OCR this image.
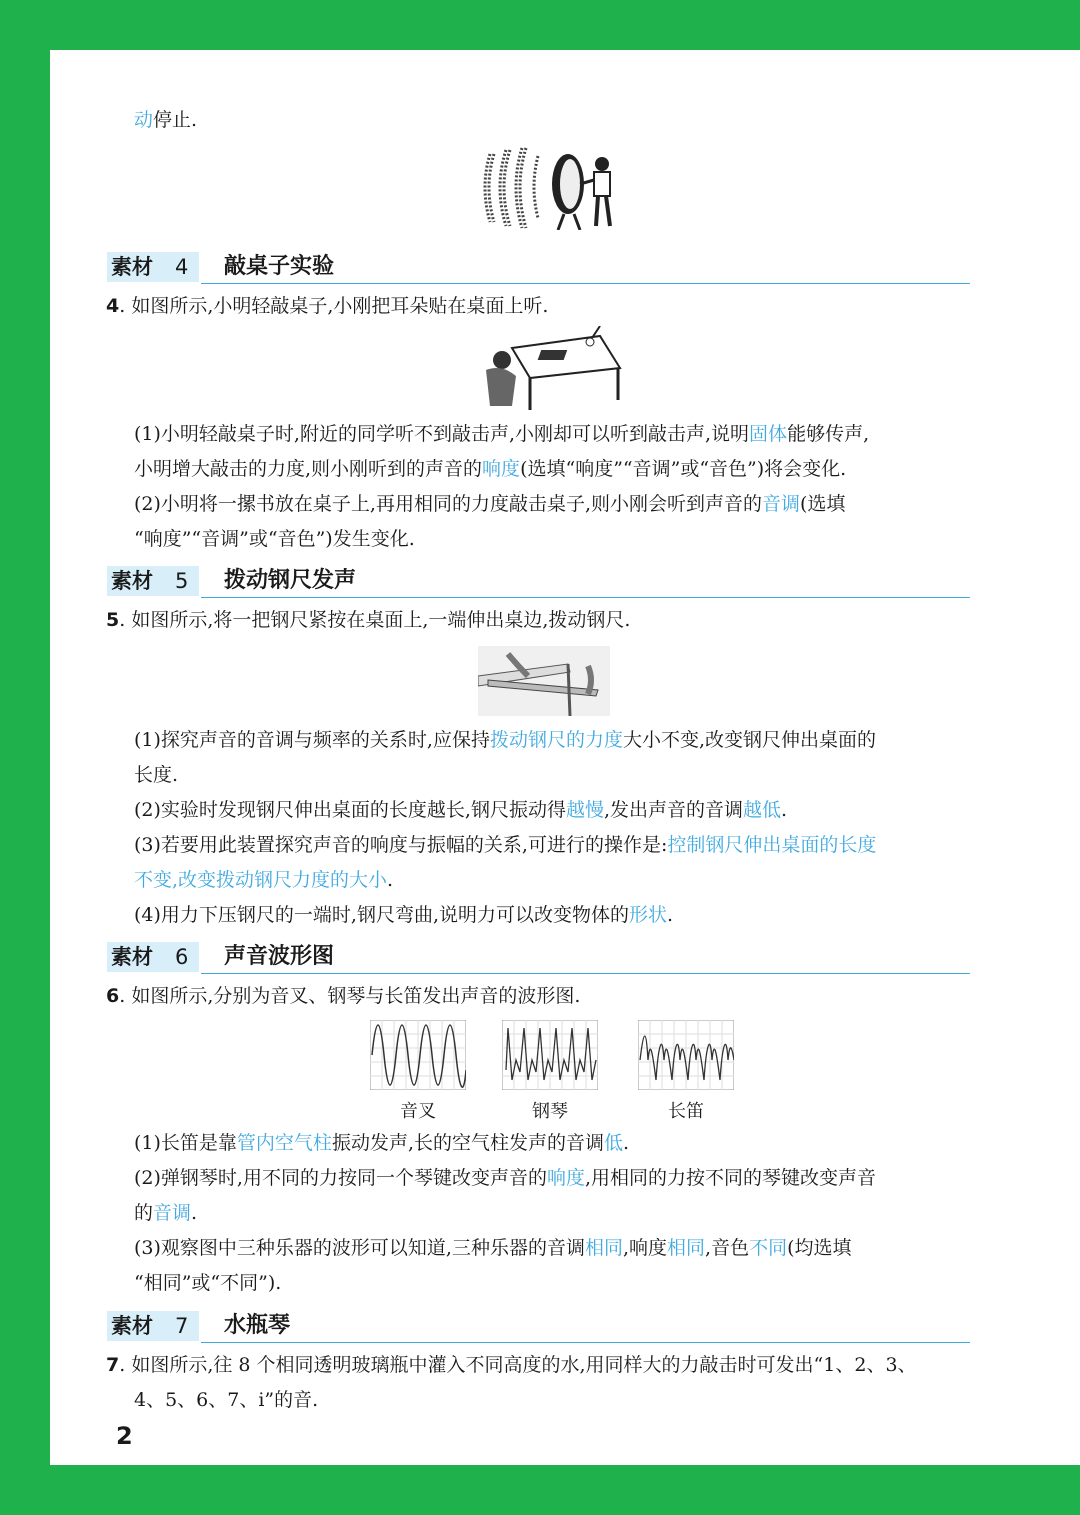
动停止.
素材 4 敲桌子实验
4. 如图所示,小明轻敲桌子,小刚把耳朵贴在桌面上听.
(1)小明轻敲桌子时,附近的同学听不到敲击声,小刚却可以听到敲击声,说明固体能够传声,
小明增大敲击的力度,则小刚听到的声音的响度(选填“响度”“音调”或“音色”)将会变化.
(2)小明将一摞书放在桌子上,再用相同的力度敲击桌子,则小刚会听到声音的音调(选填
“响度”“音调”或“音色”)发生变化.
素材 5 拨动钢尺发声
5. 如图所示,将一把钢尺紧按在桌面上,一端伸出桌边,拨动钢尺.
(1)探究声音的音调与频率的关系时,应保持拨动钢尺的力度大小不变,改变钢尺伸出桌面的
长度.
(2)实验时发现钢尺伸出桌面的长度越长,钢尺振动得越慢,发出声音的音调越低.
(3)若要用此装置探究声音的响度与振幅的关系,可进行的操作是:控制钢尺伸出桌面的长度
不变,改变拨动钢尺力度的大小.
(4)用力下压钢尺的一端时,钢尺弯曲,说明力可以改变物体的形状.
素材 6 声音波形图
6. 如图所示,分别为音叉、钢琴与长笛发出声音的波形图.
音叉	钢琴	长笛
(1)长笛是靠管内空气柱振动发声,长的空气柱发声的音调低.
(2)弹钢琴时,用不同的力按同一个琴键改变声音的响度,用相同的力按不同的琴键改变声音
的音调.
(3)观察图中三种乐器的波形可以知道,三种乐器的音调相同,响度相同,音色不同(均选填
“相同”或“不同”).
素材 7 水瓶琴
7. 如图所示,往 8 个相同透明玻璃瓶中灌入不同高度的水,用同样大的力敲击时可发出“1、2、3、
4、5、6、7、i”的音.
2
